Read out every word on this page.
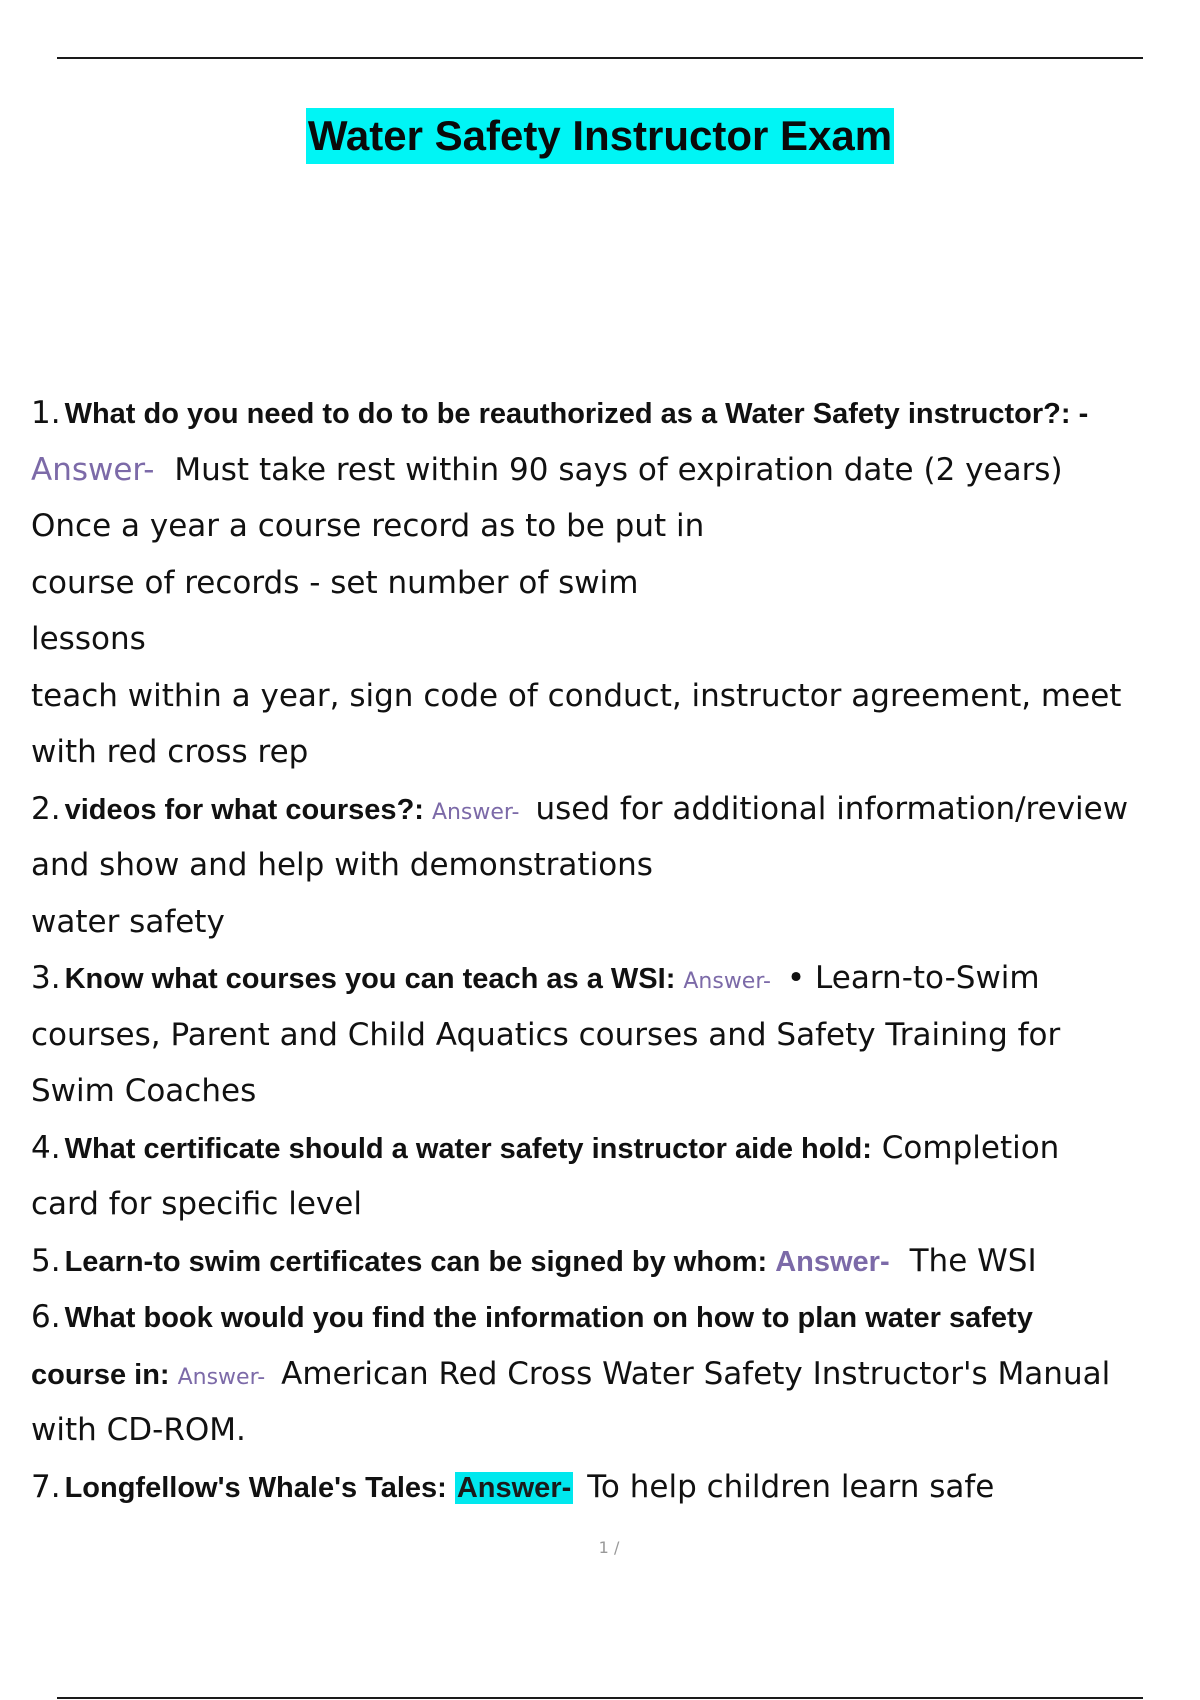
Water Safety Instructor Exam
1. What do you need to do to be reauthorized as a Water Safety instructor?: -
Answer- Must take rest within 90 says of expiration date (2 years)
Once a year a course record as to be put in
course of records - set number of swim
lessons
teach within a year, sign code of conduct, instructor agreement, meet
with red cross rep
2. videos for what courses?: Answer- used for additional information/review
and show and help with demonstrations
water safety
3. Know what courses you can teach as a WSI: Answer- • Learn-to-Swim
courses, Parent and Child Aquatics courses and Safety Training for
Swim Coaches
4. What certificate should a water safety instructor aide hold: Completion
card for specific level
5. Learn-to swim certificates can be signed by whom: Answer- The WSI
6. What book would you find the information on how to plan water safety
course in: Answer- American Red Cross Water Safety Instructor's Manual
with CD-ROM.
7. Longfellow's Whale's Tales: Answer- To help children learn safe
1 /
